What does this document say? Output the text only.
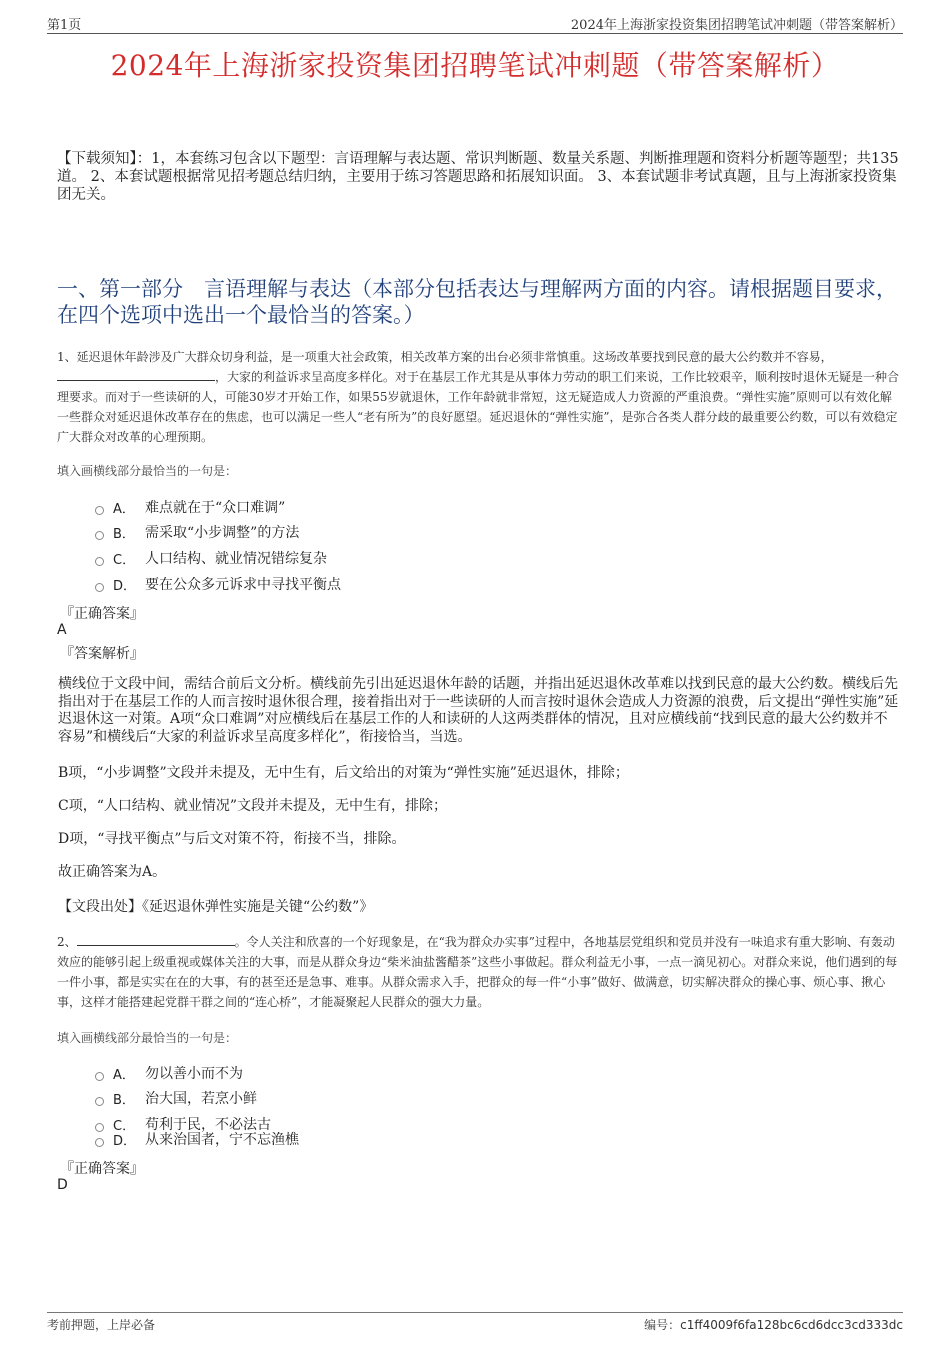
第1页	2024年上海浙家投资集团招聘笔试冲刺题（带答案解析）
2024年上海浙家投资集团招聘笔试冲刺题（带答案解析）
【下载须知】：1，本套练习包含以下题型：言语理解与表达题、常识判断题、数量关系题、判断推理题和资料分析题等题型；共135道。 2、本套试题根据常见招考题总结归纳，主要用于练习答题思路和拓展知识面。 3、本套试题非考试真题，且与上海浙家投资集团无关。
一、第一部分　言语理解与表达（本部分包括表达与理解两方面的内容。请根据题目要求，在四个选项中选出一个最恰当的答案。）
1、延迟退休年龄涉及广大群众切身利益，是一项重大社会政策，相关改革方案的出台必须非常慎重。这场改革要找到民意的最大公约数并不容易，，大家的利益诉求呈高度多样化。对于在基层工作尤其是从事体力劳动的职工们来说，工作比较艰辛，顺利按时退休无疑是一种合理要求。而对于一些读研的人，可能30岁才开始工作，如果55岁就退休，工作年龄就非常短，这无疑造成人力资源的严重浪费。“弹性实施”原则可以有效化解一些群众对延迟退休改革存在的焦虑，也可以满足一些人“老有所为”的良好愿望。延迟退休的“弹性实施”，是弥合各类人群分歧的最重要公约数，可以有效稳定广大群众对改革的心理预期。
填入画横线部分最恰当的一句是：
A． 难点就在于“众口难调”
B． 需采取“小步调整”的方法
C． 人口结构、就业情况错综复杂
D． 要在公众多元诉求中寻找平衡点
『正确答案』
A
『答案解析』
横线位于文段中间，需结合前后文分析。横线前先引出延迟退休年龄的话题，并指出延迟退休改革难以找到民意的最大公约数。横线后先指出对于在基层工作的人而言按时退休很合理，接着指出对于一些读研的人而言按时退休会造成人力资源的浪费，后文提出“弹性实施”延迟退休这一对策。A项“众口难调”对应横线后在基层工作的人和读研的人这两类群体的情况，且对应横线前“找到民意的最大公约数并不容易”和横线后“大家的利益诉求呈高度多样化”，衔接恰当，当选。
B项，“小步调整”文段并未提及，无中生有，后文给出的对策为“弹性实施”延迟退休，排除；
C项，“人口结构、就业情况”文段并未提及，无中生有，排除；
D项，“寻找平衡点”与后文对策不符，衔接不当，排除。
故正确答案为A。
【文段出处】《延迟退休弹性实施是关键“公约数”》
2、	。令人关注和欣喜的一个好现象是，在“我为群众办实事”过程中，各地基层党组织和党员并没有一味追求有重大影响、有轰动效应的能够引起上级重视或媒体关注的大事，而是从群众身边“柴米油盐酱醋茶”这些小事做起。群众利益无小事，一点一滴见初心。对群众来说，他们遇到的每一件小事，都是实实在在的大事，有的甚至还是急事、难事。从群众需求入手，把群众的每一件“小事”做好、做满意，切实解决群众的操心事、烦心事、揪心事，这样才能搭建起党群干群之间的“连心桥”，才能凝聚起人民群众的强大力量。
填入画横线部分最恰当的一句是：
A． 勿以善小而不为
B． 治大国，若烹小鲜
C． 苟利于民，不必法古
D． 从来治国者，宁不忘渔樵
『正确答案』
D
考前押题，上岸必备	编号：c1ff4009f6fa128bc6cd6dcc3cd333dc
